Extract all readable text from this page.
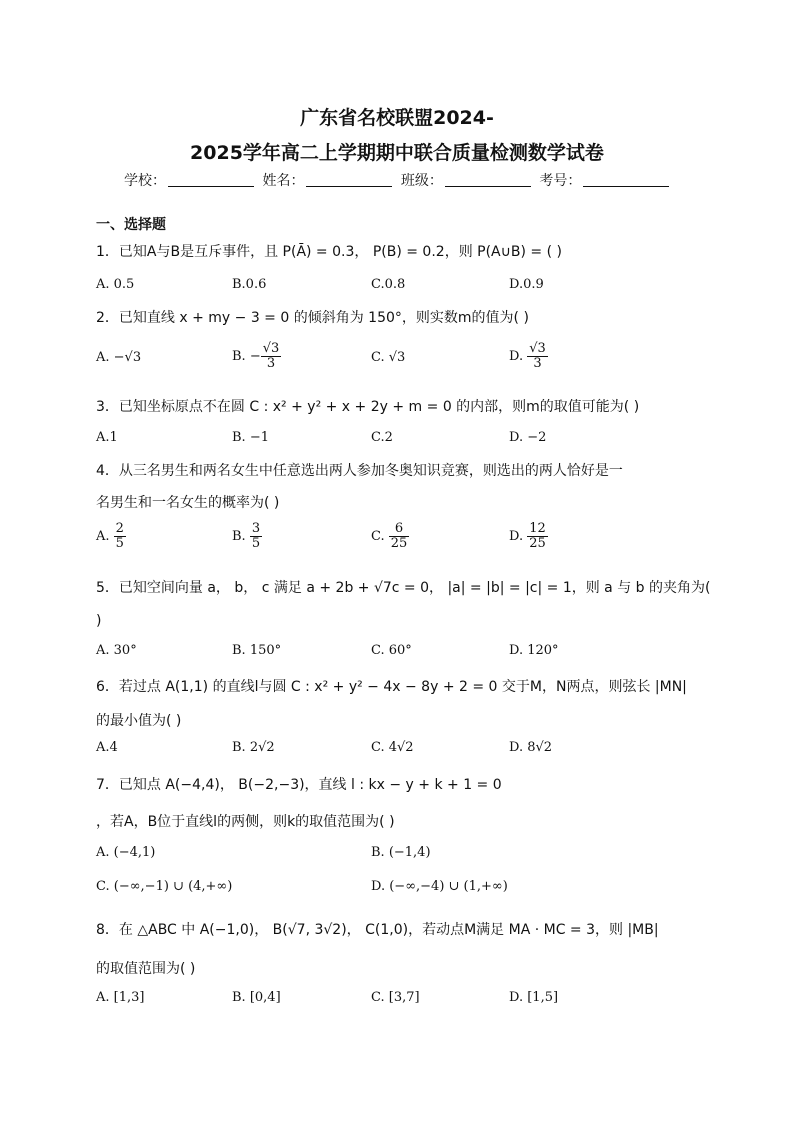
广东省名校联盟2024-
2025学年高二上学期期中联合质量检测数学试卷
学校：	姓名：	班级：	考号：
一、选择题
1．已知A与B是互斥事件，且 P(Ā) = 0.3， P(B) = 0.2，则 P(A∪B) = ( )
A. 0.5	B.0.6	C.0.8	D.0.9
2．已知直线 x + my − 3 = 0 的倾斜角为 150°，则实数m的值为( )
A. −√3	B. − $\frac{√3}{3}$	C. √3	D. $\frac{√3}{3}$
3．已知坐标原点不在圆 C : x² + y² + x + 2y + m = 0 的内部，则m的取值可能为( )
A.1	B. −1	C.2	D. −2
4．从三名男生和两名女生中任意选出两人参加冬奥知识竞赛，则选出的两人恰好是一
名男生和一名女生的概率为( )
A. $\frac{2}{5}$	B. $\frac{3}{5}$	C. $\frac{6}{25}$	D. $\frac{12}{25}$
5．已知空间向量 a， b， c 满足 a + 2b + √7c = 0， |a| = |b| = |c| = 1，则 a 与 b 的夹角为(
)
A. 30°	B. 150°	C. 60°	D. 120°
6．若过点 A(1,1) 的直线l与圆 C : x² + y² − 4x − 8y + 2 = 0 交于M，N两点，则弦长 |MN|
的最小值为( )
A.4	B. 2√2	C. 4√2	D. 8√2
7．已知点 A(−4,4)， B(−2,−3)，直线 l : kx − y + k + 1 = 0
，若A，B位于直线l的两侧，则k的取值范围为( )
A. (−4,1)	B. (−1,4)
C. (−∞,−1) ∪ (4,+∞)	D. (−∞,−4) ∪ (1,+∞)
8．在 △ABC 中 A(−1,0)， B(√7, 3√2)， C(1,0)，若动点M满足 MA · MC = 3，则 |MB|
的取值范围为( )
A. [1,3]	B. [0,4]	C. [3,7]	D. [1,5]
